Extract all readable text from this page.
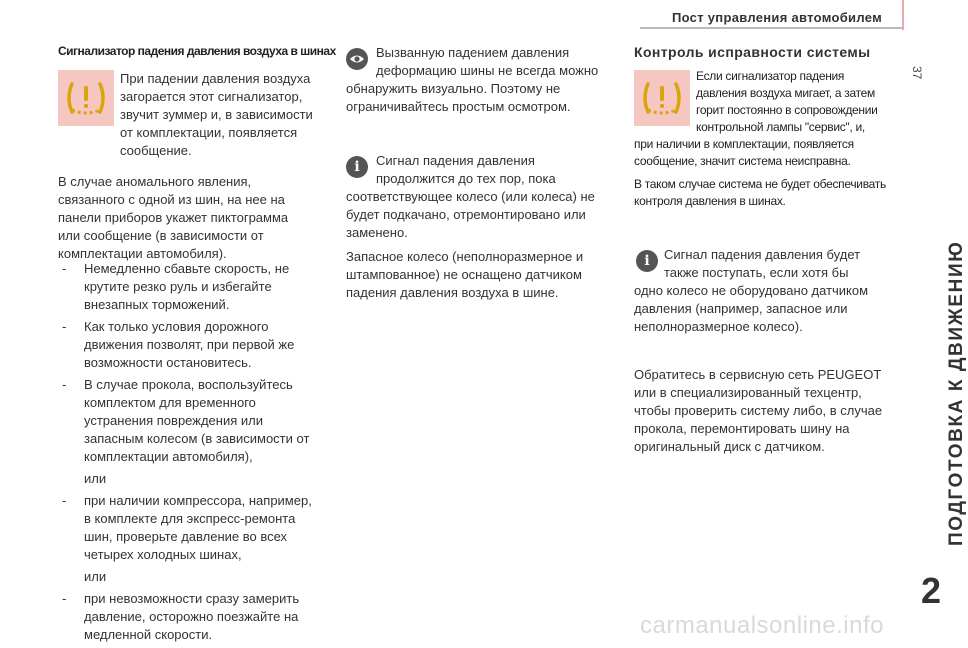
Пост управления автомобилем
37
ПОДГОТОВКА К ДВИЖЕНИЮ
2
Сигнализатор падения давления воздуха в шинах
При падении давления воздуха
загорается этот сигнализатор,
звучит зуммер и, в зависимости
от комплектации, появляется
сообщение.
В случае аномального явления,
связанного с одной из шин, на нее на
панели приборов укажет пиктограмма
или сообщение (в зависимости от
комплектации автомобиля).
- Немедленно сбавьте скорость, не
крутите резко руль и избегайте
внезапных торможений.
- Как только условия дорожного
движения позволят, при первой же
возможности остановитесь.
- В случае прокола, воспользуйтесь
комплектом для временного
устранения повреждения или
запасным колесом (в зависимости от
комплектации автомобиля),
или
- при наличии компрессора, например,
в комплекте для экспресс-ремонта
шин, проверьте давление во всех
четырех холодных шинах,
или
- при невозможности сразу замерить
давление, осторожно поезжайте на
медленной скорости.
Вызванную падением давления
деформацию шины не всегда можно
обнаружить визуально. Поэтому не
ограничивайтесь простым осмотром.
i	Сигнал падения давления
продолжится до тех пор, пока
соответствующее колесо (или колеса) не
будет подкачано, отремонтировано или
заменено.
Запасное колесо (неполноразмерное и
штампованное) не оснащено датчиком
падения давления воздуха в шине.
Контроль исправности системы
Если сигнализатор падения
давления воздуха мигает, а затем
горит постоянно в сопровождении
контрольной лампы "сервис", и,
при наличии в комплектации, появляется
сообщение, значит система неисправна.
В таком случае система не будет обеспечивать
контроля давления в шинах.
i	Сигнал падения давления будет
также поступать, если хотя бы
одно колесо не оборудовано датчиком
давления (например, запасное или
неполноразмерное колесо).
Обратитесь в сервисную сеть PEUGEOT
или в специализированный техцентр,
чтобы проверить систему либо, в случае
прокола, перемонтировать шину на
оригинальный диск с датчиком.
carmanualsonline.info
